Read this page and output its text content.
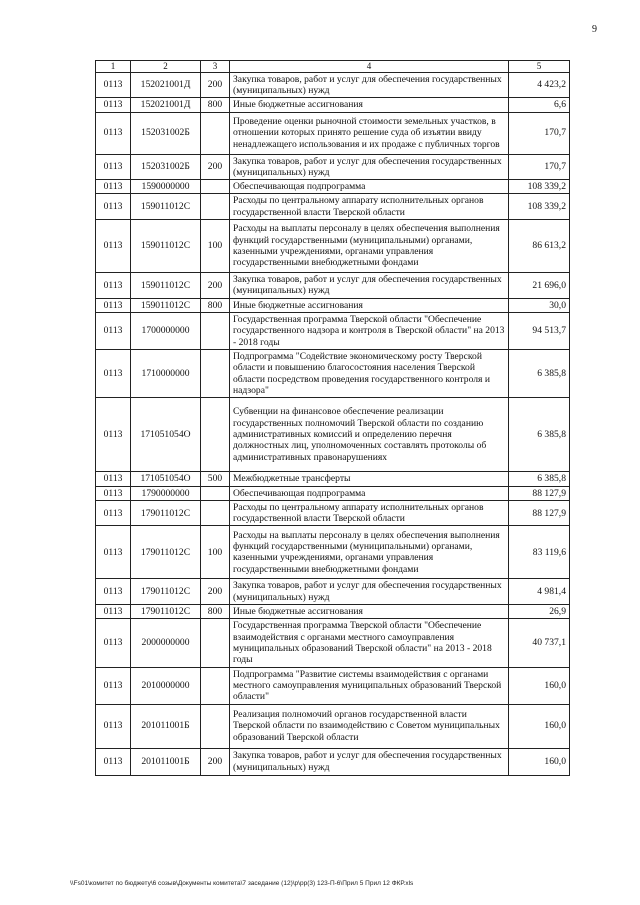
9
1	2	3	4	5
0113	152021001Д	200	Закупка товаров, работ и услуг для обеспечения государственных (муниципальных) нужд	4 423,2
0113	152021001Д	800	Иные бюджетные ассигнования	6,6
0113	152031002Б		Проведение оценки рыночной стоимости земельных участков, в отношении которых принято решение суда об изъятии ввиду ненадлежащего использования и их продаже с публичных торгов	170,7
0113	152031002Б	200	Закупка товаров, работ и услуг для обеспечения государственных (муниципальных) нужд	170,7
0113	1590000000		Обеспечивающая подпрограмма	108 339,2
0113	159011012С		Расходы по центральному аппарату исполнительных органов государственной власти Тверской области	108 339,2
0113	159011012С	100	Расходы на выплаты персоналу в целях обеспечения выполнения функций государственными (муниципальными) органами, казенными учреждениями, органами управления государственными внебюджетными фондами	86 613,2
0113	159011012С	200	Закупка товаров, работ и услуг для обеспечения государственных (муниципальных) нужд	21 696,0
0113	159011012С	800	Иные бюджетные ассигнования	30,0
0113	1700000000		Государственная программа Тверской области "Обеспечение государственного надзора и контроля в Тверской области" на 2013 - 2018 годы	94 513,7
0113	1710000000		Подпрограмма "Содействие экономическому росту Тверской области и повышению благосостояния населения Тверской области посредством проведения государственного контроля и надзора"	6 385,8
0113	171051054О		Субвенции на финансовое обеспечение реализации государственных полномочий Тверской области по созданию административных комиссий и определению перечня должностных лиц, уполномоченных составлять протоколы об административных правонарушениях	6 385,8
0113	171051054О	500	Межбюджетные трансферты	6 385,8
0113	1790000000		Обеспечивающая подпрограмма	88 127,9
0113	179011012С		Расходы по центральному аппарату исполнительных органов государственной власти Тверской области	88 127,9
0113	179011012С	100	Расходы на выплаты персоналу в целях обеспечения выполнения функций государственными (муниципальными) органами, казенными учреждениями, органами управления государственными внебюджетными фондами	83 119,6
0113	179011012С	200	Закупка товаров, работ и услуг для обеспечения государственных (муниципальных) нужд	4 981,4
0113	179011012С	800	Иные бюджетные ассигнования	26,9
0113	2000000000		Государственная программа Тверской области "Обеспечение взаимодействия с органами местного самоуправления муниципальных образований Тверской области" на 2013 - 2018 годы	40 737,1
0113	2010000000		Подпрограмма "Развитие системы взаимодействия с органами местного самоуправления муниципальных образований Тверской области"	160,0
0113	201011001Б		Реализация полномочий органов государственной власти Тверской области по взаимодействию с Советом муниципальных образований Тверской области	160,0
0113	201011001Б	200	Закупка товаров, работ и услуг для обеспечения государственных (муниципальных) нужд	160,0
\\Fs01\комитет по бюджету\6 созыв\Документы комитета\7 заседание (12)\р\рр(3) 123-П-6\Прил 5 Прил 12 ФКР.xls
